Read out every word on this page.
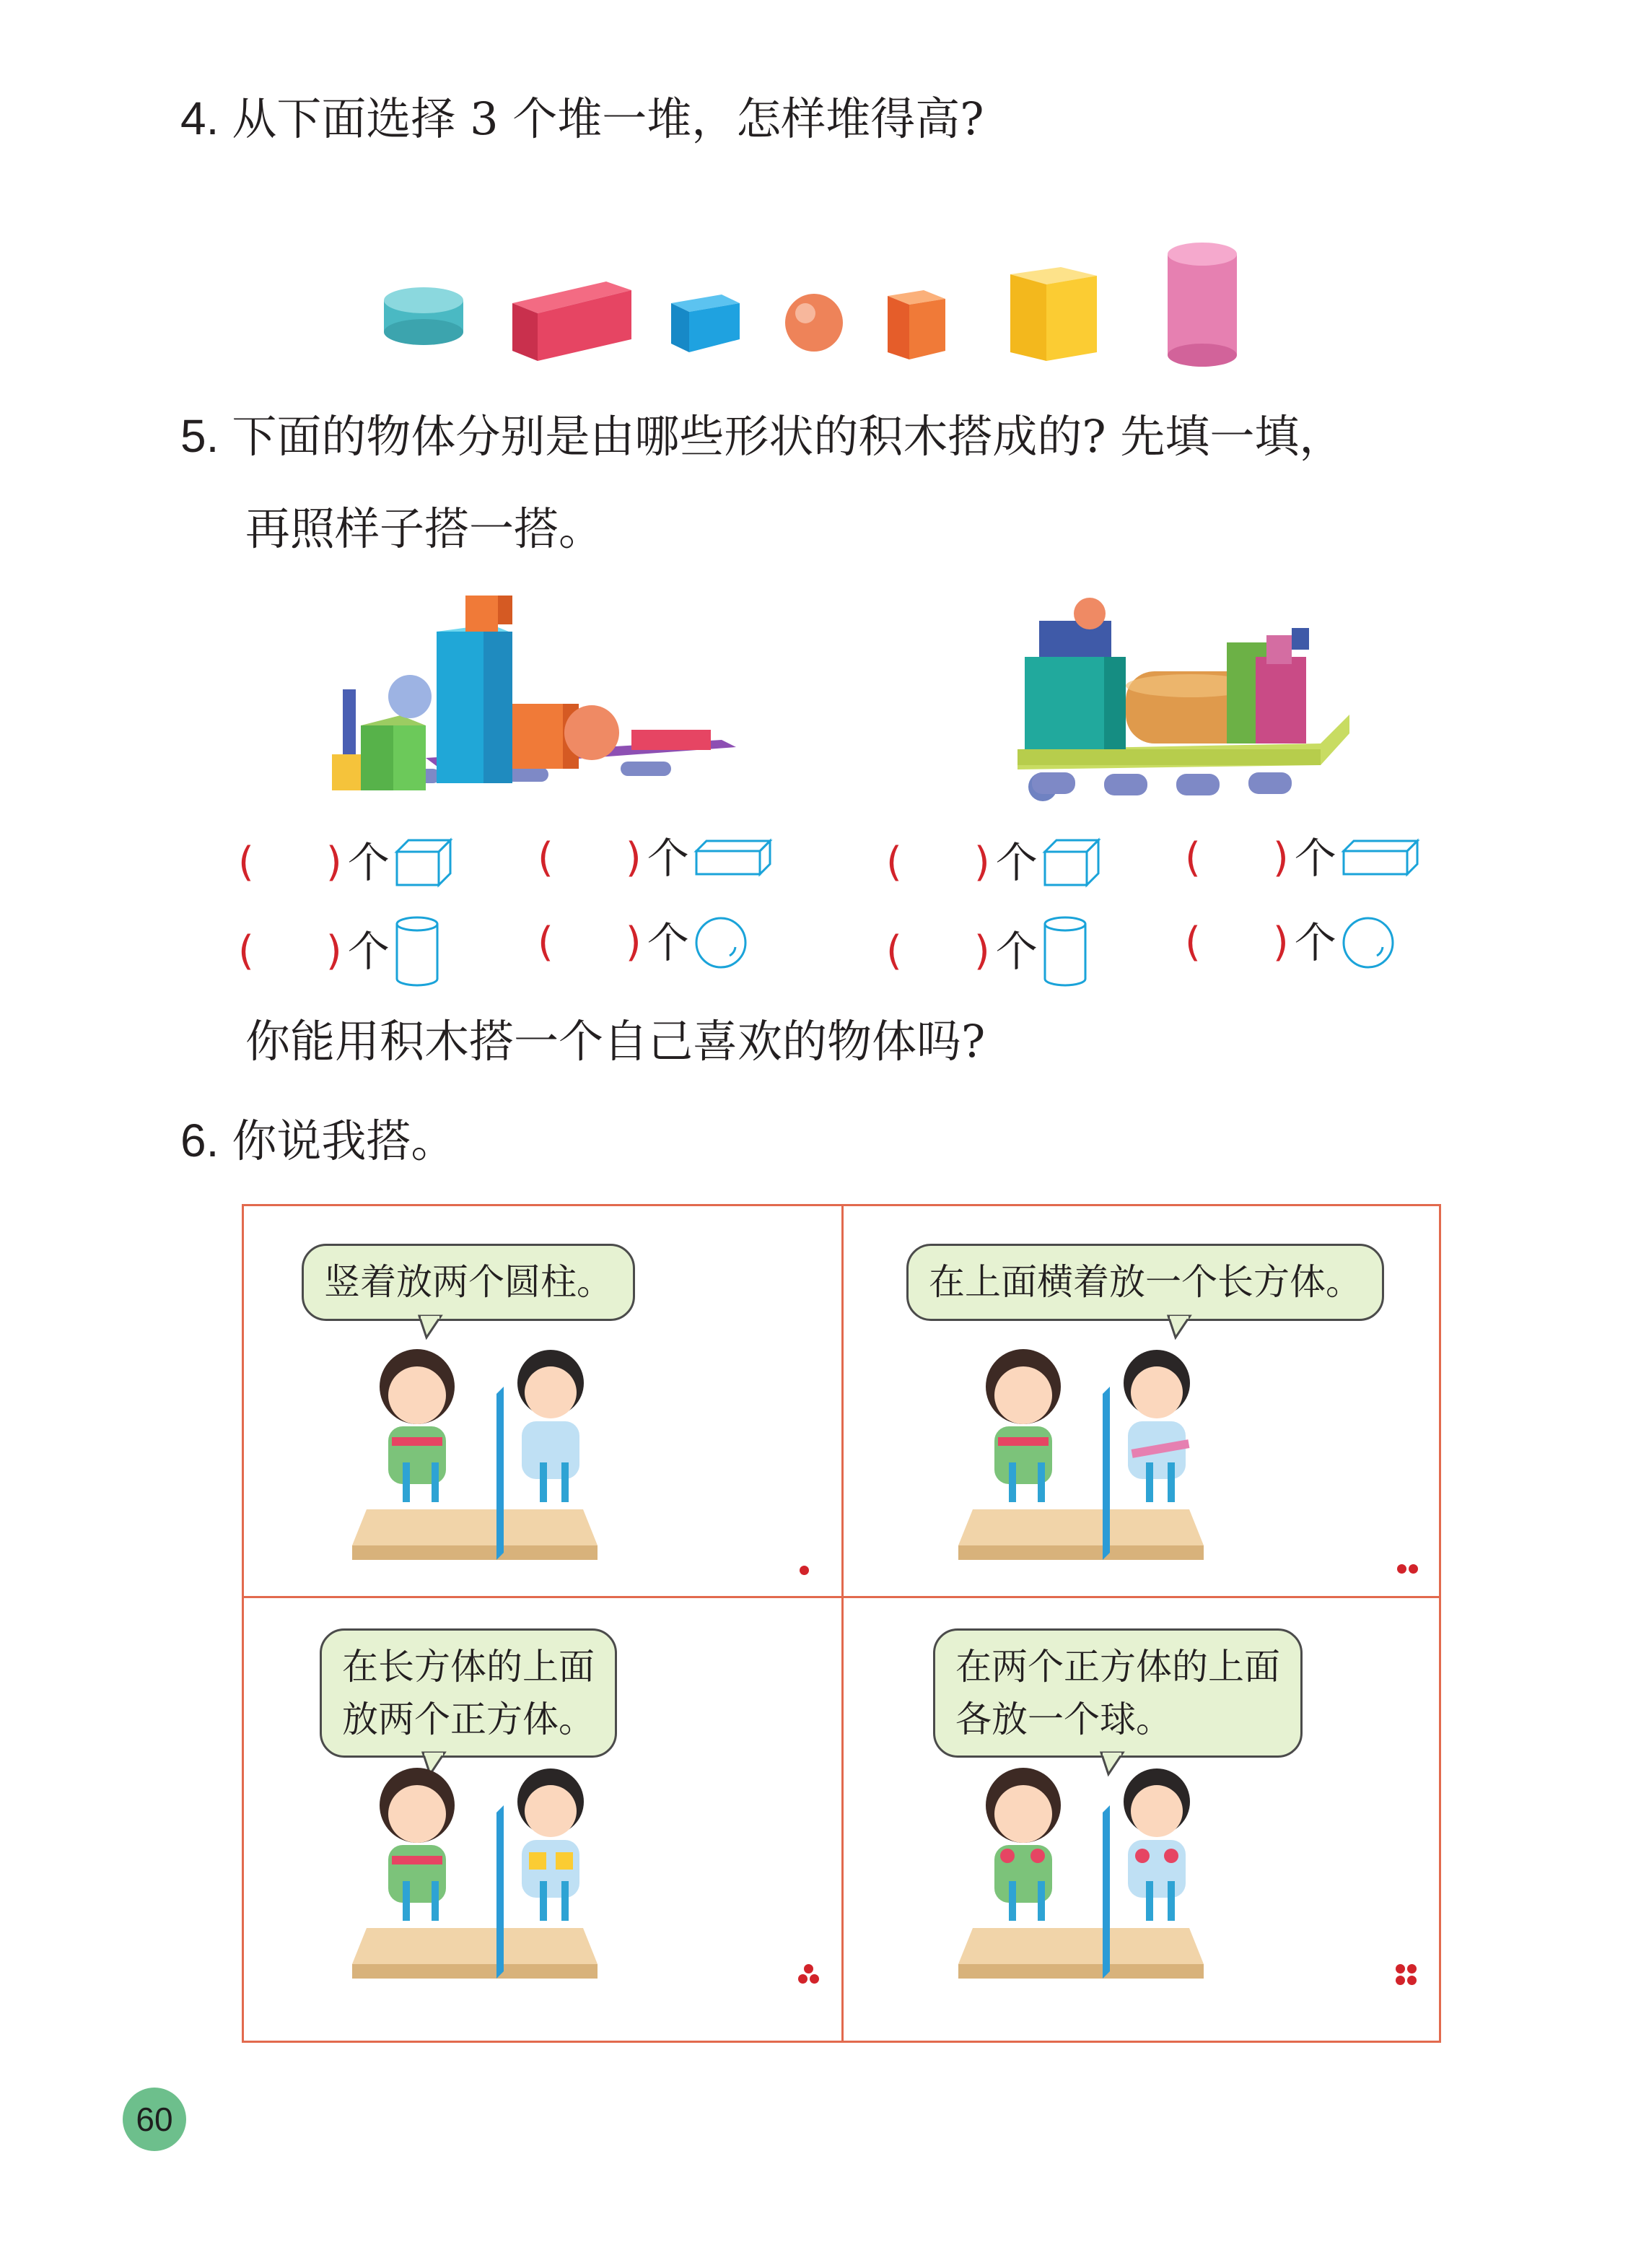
4. 从下面选择 3 个堆一堆，怎样堆得高?
5. 下面的物体分别是由哪些形状的积木搭成的? 先填一填，
再照样子搭一搭。
( ) 个	( ) 个
( ) 个	( ) 个
( ) 个	( ) 个
( ) 个	( ) 个
你能用积木搭一个自己喜欢的物体吗?
6. 你说我搭。
竖着放两个圆柱。	在上面横着放一个长方体。
在长方体的上面
放两个正方体。
在两个正方体的上面
各放一个球。
60
